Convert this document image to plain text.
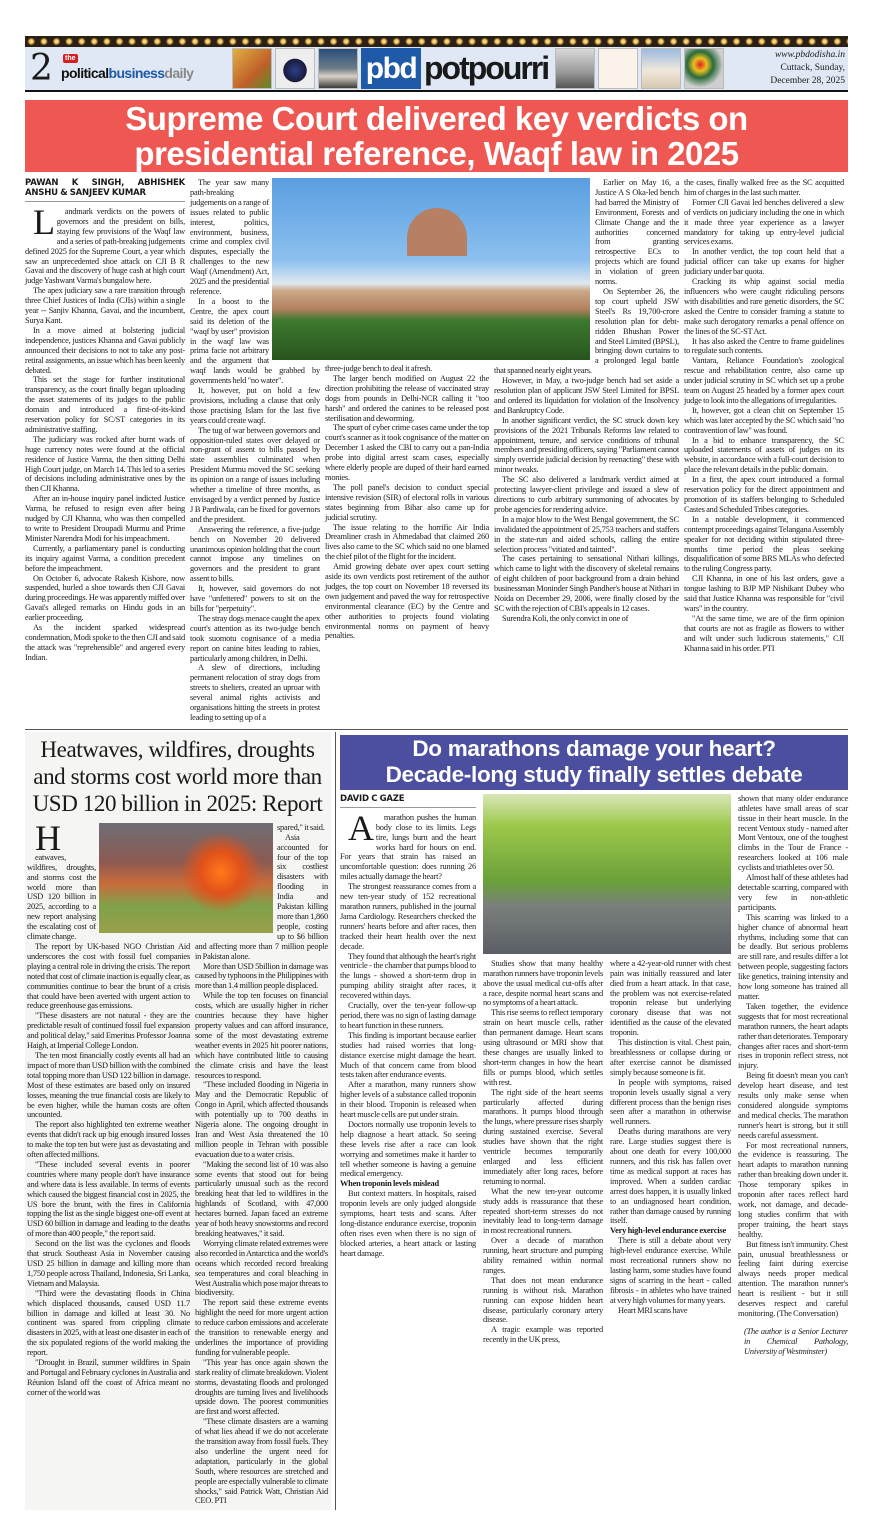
2	the
politicalbusinessdaily	pbd potpourri	www.pbdodisha.in
Cuttack, Sunday,
December 28, 2025
Supreme Court delivered key verdicts on
presidential reference, Waqf law in 2025
PAWAN K SINGH, ABHISHEK ANSHU & SANJEEV KUMAR

Landmark verdicts on the powers of governors and the president on bills, staying few provisions of the Waqf law and a series of path-breaking judgements defined 2025 for the Supreme Court, a year which saw an unprecedented shoe attack on CJI B R Gavai and the discovery of huge cash at high court judge Yashwant Varma's bungalow here.

The apex judiciary saw a rare transition through three Chief Justices of India (CJIs) within a single year -- Sanjiv Khanna, Gavai, and the incumbent, Surya Kant.

In a move aimed at bolstering judicial independence, justices Khanna and Gavai publicly announced their decisions to not to take any post-retiral assignments, an issue which has been keenly debated.

This set the stage for further institutional transparency, as the court finally began uploading the asset statements of its judges to the public domain and introduced a first-of-its-kind reservation policy for SC/ST categories in its administrative staffing.

The judiciary was rocked after burnt wads of huge currency notes were found at the official residence of Justice Varma, the then sitting Delhi High Court judge, on March 14. This led to a series of decisions including administrative ones by the then CJI Khanna.

After an in-house inquiry panel indicted Justice Varma, he refused to resign even after being nudged by CJI Khanna, who was then compelled to write to President Droupadi Murmu and Prime Minister Narendra Modi for his impeachment.

Currently, a parliamentary panel is conducting its inquiry against Varma, a condition precedent before the impeachment.

On October 6, advocate Rakesh Kishore, now suspended, hurled a shoe towards then CJI Gavai during proceedings. He was apparently miffed over Gavai's alleged remarks on Hindu gods in an earlier proceeding.

As the incident sparked widespread condemnation, Modi spoke to the then CJI and said the attack was "reprehensible" and angered every Indian.

The year saw many path-breaking judgements on a range of issues related to public interest, politics, environment, business, crime and complex civil disputes, especially the challenges to the new Waqf (Amendment) Act, 2025 and the presidential reference.

In a boost to the Centre, the apex court said its deletion of the "waqf by user" provision in the waqf law was prima facie not arbitrary and the argument that waqf lands would be grabbed by governments held "no water".

It, however, put on hold a few provisions, including a clause that only those practising Islam for the last five years could create waqf.

The tug of war between governors and opposition-ruled states over delayed or non-grant of assent to bills passed by state assemblies culminated when President Murmu moved the SC seeking its opinion on a range of issues including whether a timeline of three months, as envisaged by a verdict penned by Justice J B Pardiwala, can be fixed for governors and the president.

Answering the reference, a five-judge bench on November 20 delivered unanimous opinion holding that the court cannot impose any timelines on governors and the president to grant assent to bills.

It, however, said governors do not have "unfettered" powers to sit on the bills for "perpetuity".

The stray dogs menace caught the apex court's attention as its two-judge bench took suomotu cognisance of a media report on canine bites leading to rabies, particularly among children, in Delhi.

A slew of directions, including permanent relocation of stray dogs from streets to shelters, created an uproar with several animal rights activists and organisations hitting the streets in protest leading to setting up of a

three-judge bench to deal it afresh.

The larger bench modified on August 22 the direction prohibiting the release of vaccinated stray dogs from pounds in Delhi-NCR calling it "too harsh" and ordered the canines to be released post sterilisation and deworming.

The spurt of cyber crime cases came under the top court's scanner as it took cognisance of the matter on December 1 asked the CBI to carry out a pan-India probe into digital arrest scam cases, especially where elderly people are duped of their hard earned monies.

The poll panel's decision to conduct special intensive revision (SIR) of electoral rolls in various states beginning from Bihar also came up for judicial scrutiny.

The issue relating to the horrific Air India Dreamliner crash in Ahmedabad that claimed 260 lives also came to the SC which said no one blamed the chief pilot of the flight for the incident.

Amid growing debate over apex court setting aside its own verdicts post retirement of the author judges, the top court on November 18 reversed its own judgement and paved the way for retrospective environmental clearance (EC) by the Centre and other authorities to projects found violating environmental norms on payment of heavy penalties.

Earlier on May 16, a Justice A S Oka-led bench had barred the Ministry of Environment, Forests and Climate Change and the authorities concerned from granting retrospective ECs to projects which are found in violation of green norms.

On September 26, the top court upheld JSW Steel's Rs 19,700-crore resolution plan for debt-ridden Bhushan Power and Steel Limited (BPSL), bringing down curtains to a prolonged legal battle that spanned nearly eight years.

However, in May, a two-judge bench had set aside a resolution plan of applicant JSW Steel Limited for BPSL and ordered its liquidation for violation of the Insolvency and Bankruptcy Code.

In another significant verdict, the SC struck down key provisions of the 2021 Tribunals Reforms law related to appointment, tenure, and service conditions of tribunal members and presiding officers, saying "Parliament cannot simply override judicial decision by reenacting" these with minor tweaks.

The SC also delivered a landmark verdict aimed at protecting lawyer-client privilege and issued a slew of directions to curb arbitrary summoning of advocates by probe agencies for rendering advice.

In a major blow to the West Bengal government, the SC invalidated the appointment of 25,753 teachers and staffers in the state-run and aided schools, calling the entire selection process "vitiated and tainted".

The cases pertaining to sensational Nithari killings, which came to light with the discovery of skeletal remains of eight children of poor background from a drain behind businessman Moninder Singh Pandher's house at Nithari in Noida on December 29, 2006, were finally closed by the SC with the rejection of CBI's appeals in 12 cases.

Surendra Koli, the only convict in one of

the cases, finally walked free as the SC acquitted him of charges in the last such matter.

Former CJI Gavai led benches delivered a slew of verdicts on judiciary including the one in which it made three year experience as a lawyer mandatory for taking up entry-level judicial services exams.

In another verdict, the top court held that a judicial officer can take up exams for higher judiciary under bar quota.

Cracking its whip against social media influencers who were caught ridiculing persons with disabilities and rare genetic disorders, the SC asked the Centre to consider framing a statute to make such derogatory remarks a penal offence on the lines of the SC-ST Act.

It has also asked the Centre to frame guidelines to regulate such contents.

Vantara, Reliance Foundation's zoological rescue and rehabilitation centre, also came up under judicial scrutiny in SC which set up a probe team on August 25 headed by a former apex court judge to look into the allegations of irregularities.

It, however, got a clean chit on September 15 which was later accepted by the SC which said "no contravention of law" was found.

In a bid to enhance transparency, the SC uploaded statements of assets of judges on its website, in accordance with a full-court decision to place the relevant details in the public domain.

In a first, the apex court introduced a formal reservation policy for the direct appointment and promotion of its staffers belonging to Scheduled Castes and Scheduled Tribes categories.

In a notable development, it commenced contempt proceedings against Telangana Assembly speaker for not deciding within stipulated three-months time period the pleas seeking disqualification of some BRS MLAs who defected to the ruling Congress party.

CJI Khanna, in one of his last orders, gave a tongue lashing to BJP MP Nishikant Dubey who said that Justice Khanna was responsible for "civil wars" in the country.

"At the same time, we are of the firm opinion that courts are not as fragile as flowers to wither and wilt under such ludicrous statements," CJI Khanna said in his order. PTI

Heatwaves, wildfires, droughts and storms cost world more than USD 120 billion in 2025: Report

Heatwaves, wildfires, droughts, and storms cost the world more than USD 120 billion in 2025, according to a new report analysing the escalating cost of climate change.

The report by UK-based NGO Christian Aid underscores the cost with fossil fuel companies playing a central role in driving the crisis. The report noted that cost of climate inaction is equally clear, as communities continue to bear the brunt of a crisis that could have been averted with urgent action to reduce greenhouse gas emissions.

"These disasters are not natural - they are the predictable result of continued fossil fuel expansion and political delay," said Emeritus Professor Joanna Haigh, at Imperial College London.

The ten most financially costly events all had an impact of more than USD billion with the combined total topping more than USD 122 billion in damage. Most of these estimates are based only on insured losses, meaning the true financial costs are likely to be even higher, while the human costs are often uncounted.

The report also highlighted ten extreme weather events that didn't rack up big enough insured losses to make the top ten but were just as devastating and often affected millions.

"These included several events in poorer countries where many people don't have insurance and where data is less available. In terms of events which caused the biggest financial cost in 2025, the US bore the brunt, with the fires in California topping the list as the single biggest one-off event at USD 60 billion in damage and leading to the deaths of more than 400 people," the report said.

Second on the list was the cyclones and floods that struck Southeast Asia in November causing USD 25 billion in damage and killing more than 1,750 people across Thailand, Indonesia, Sri Lanka, Vietnam and Malaysia.

"Third were the devastating floods in China which displaced thousands, caused USD 11.7 billion in damage and killed at least 30. No continent was spared from crippling climate disasters in 2025, with at least one disaster in each of the six populated regions of the world making the report.

"Drought in Brazil, summer wildfires in Spain and Portugal and February cyclones in Australia and Réunion Island off the coast of Africa meant no corner of the world was

spared," it said.

Asia accounted for four of the top six costliest disasters with flooding in India and Pakistan killing more than 1,860 people, costing up to $6 billion and affecting more than 7 million people in Pakistan alone.

More than USD 5billion in damage was caused by typhoons in the Philippines with more than 1.4 million people displaced.

While the top ten focuses on financial costs, which are usually higher in richer countries because they have higher property values and can afford insurance, some of the most devastating extreme weather events in 2025 hit poorer nations, which have contributed little to causing the climate crisis and have the least resources to respond.

"These included flooding in Nigeria in May and the Democratic Republic of Congo in April, which affected thousands with potentially up to 700 deaths in Nigeria alone. The ongoing drought in Iran and West Asia threatened the 10 million people in Tehran with possible evacuation due to a water crisis.

"Making the second list of 10 was also some events that stood out for being particularly unusual such as the record breaking heat that led to wildfires in the highlands of Scotland, with 47,000 hectares burned. Japan faced an extreme year of both heavy snowstorms and record breaking heatwaves," it said.

Worrying climate related extremes were also recorded in Antarctica and the world's oceans which recorded record breaking sea temperatures and coral bleaching in West Australia which pose major threats to biodiversity.

The report said these extreme events highlight the need for more urgent action to reduce carbon emissions and accelerate the transition to renewable energy and underlines the importance of providing funding for vulnerable people.

"This year has once again shown the stark reality of climate breakdown. Violent storms, devastating floods and prolonged droughts are turning lives and livelihoods upside down. The poorest communities are first and worst affected.

"These climate disasters are a warning of what lies ahead if we do not accelerate the transition away from fossil fuels. They also underline the urgent need for adaptation, particularly in the global South, where resources are stretched and people are especially vulnerable to climate shocks," said Patrick Watt, Christian Aid CEO. PTI

Do marathons damage your heart?
Decade-long study finally settles debate
DAVID C GAZE

Amarathon pushes the human body close to its limits. Legs tire, lungs burn and the heart works hard for hours on end. For years that strain has raised an uncomfortable question: does running 26 miles actually damage the heart?

The strongest reassurance comes from a new ten-year study of 152 recreational marathon runners, published in the journal Jama Cardiology. Researchers checked the runners' hearts before and after races, then tracked their heart health over the next decade.

They found that although the heart's right ventricle - the chamber that pumps blood to the lungs - showed a short-term drop in pumping ability straight after races, it recovered within days.

Crucially, over the ten-year follow-up period, there was no sign of lasting damage to heart function in these runners.

This finding is important because earlier studies had raised worries that long-distance exercise might damage the heart. Much of that concern came from blood tests taken after endurance events.

After a marathon, many runners show higher levels of a substance called troponin in their blood. Troponin is released when heart muscle cells are put under strain.

Doctors normally use troponin levels to help diagnose a heart attack. So seeing these levels rise after a race can look worrying and sometimes make it harder to tell whether someone is having a genuine medical emergency.

When troponin levels mislead

But context matters. In hospitals, raised troponin levels are only judged alongside symptoms, heart tests and scans. After long-distance endurance exercise, troponin often rises even when there is no sign of blocked arteries, a heart attack or lasting heart damage.

Studies show that many healthy marathon runners have troponin levels above the usual medical cut-offs after a race, despite normal heart scans and no symptoms of a heart attack.

This rise seems to reflect temporary strain on heart muscle cells, rather than permanent damage. Heart scans using ultrasound or MRI show that these changes are usually linked to short-term changes in how the heart fills or pumps blood, which settles with rest.

The right side of the heart seems particularly affected during marathons. It pumps blood through the lungs, where pressure rises sharply during sustained exercise. Several studies have shown that the right ventricle becomes temporarily enlarged and less efficient immediately after long races, before returning to normal.

What the new ten-year outcome study adds is reassurance that these repeated short-term stresses do not inevitably lead to long-term damage in most recreational runners.

Over a decade of marathon running, heart structure and pumping ability remained within normal ranges.

That does not mean endurance running is without risk. Marathon running can expose hidden heart disease, particularly coronary artery disease.

A tragic example was reported recently in the UK press,

where a 42-year-old runner with chest pain was initially reassured and later died from a heart attack. In that case, the problem was not exercise-related troponin release but underlying coronary disease that was not identified as the cause of the elevated troponin.

This distinction is vital. Chest pain, breathlessness or collapse during or after exercise cannot be dismissed simply because someone is fit.

In people with symptoms, raised troponin levels usually signal a very different process than the benign rises seen after a marathon in otherwise well runners.

Deaths during marathons are very rare. Large studies suggest there is about one death for every 100,000 runners, and this risk has fallen over time as medical support at races has improved. When a sudden cardiac arrest does happen, it is usually linked to an undiagnosed heart condition, rather than damage caused by running itself.

Very high-level endurance exercise

There is still a debate about very high-level endurance exercise. While most recreational runners show no lasting harm, some studies have found signs of scarring in the heart - called fibrosis - in athletes who have trained at very high volumes for many years.

Heart MRI scans have

shown that many older endurance athletes have small areas of scar tissue in their heart muscle. In the recent Ventoux study - named after Mont Ventoux, one of the toughest climbs in the Tour de France - researchers looked at 106 male cyclists and triathletes over 50.

Almost half of these athletes had detectable scarring, compared with very few in non-athletic participants.

This scarring was linked to a higher chance of abnormal heart rhythms, including some that can be deadly. But serious problems are still rare, and results differ a lot between people, suggesting factors like genetics, training intensity and how long someone has trained all matter.

Taken together, the evidence suggests that for most recreational marathon runners, the heart adapts rather than deteriorates. Temporary changes after races and short-term rises in troponin reflect stress, not injury.

Being fit doesn't mean you can't develop heart disease, and test results only make sense when considered alongside symptoms and medical checks. The marathon runner's heart is strong, but it still needs careful assessment.

For most recreational runners, the evidence is reassuring. The heart adapts to marathon running rather than breaking down under it. Those temporary spikes in troponin after races reflect hard work, not damage, and decade-long studies confirm that with proper training, the heart stays healthy.

But fitness isn't immunity. Chest pain, unusual breathlessness or feeling faint during exercise always needs proper medical attention. The marathon runner's heart is resilient - but it still deserves respect and careful monitoring. (The Conversation)

(The author is a Senior Lecturer in Chemical Pathology, University of Westminster)
